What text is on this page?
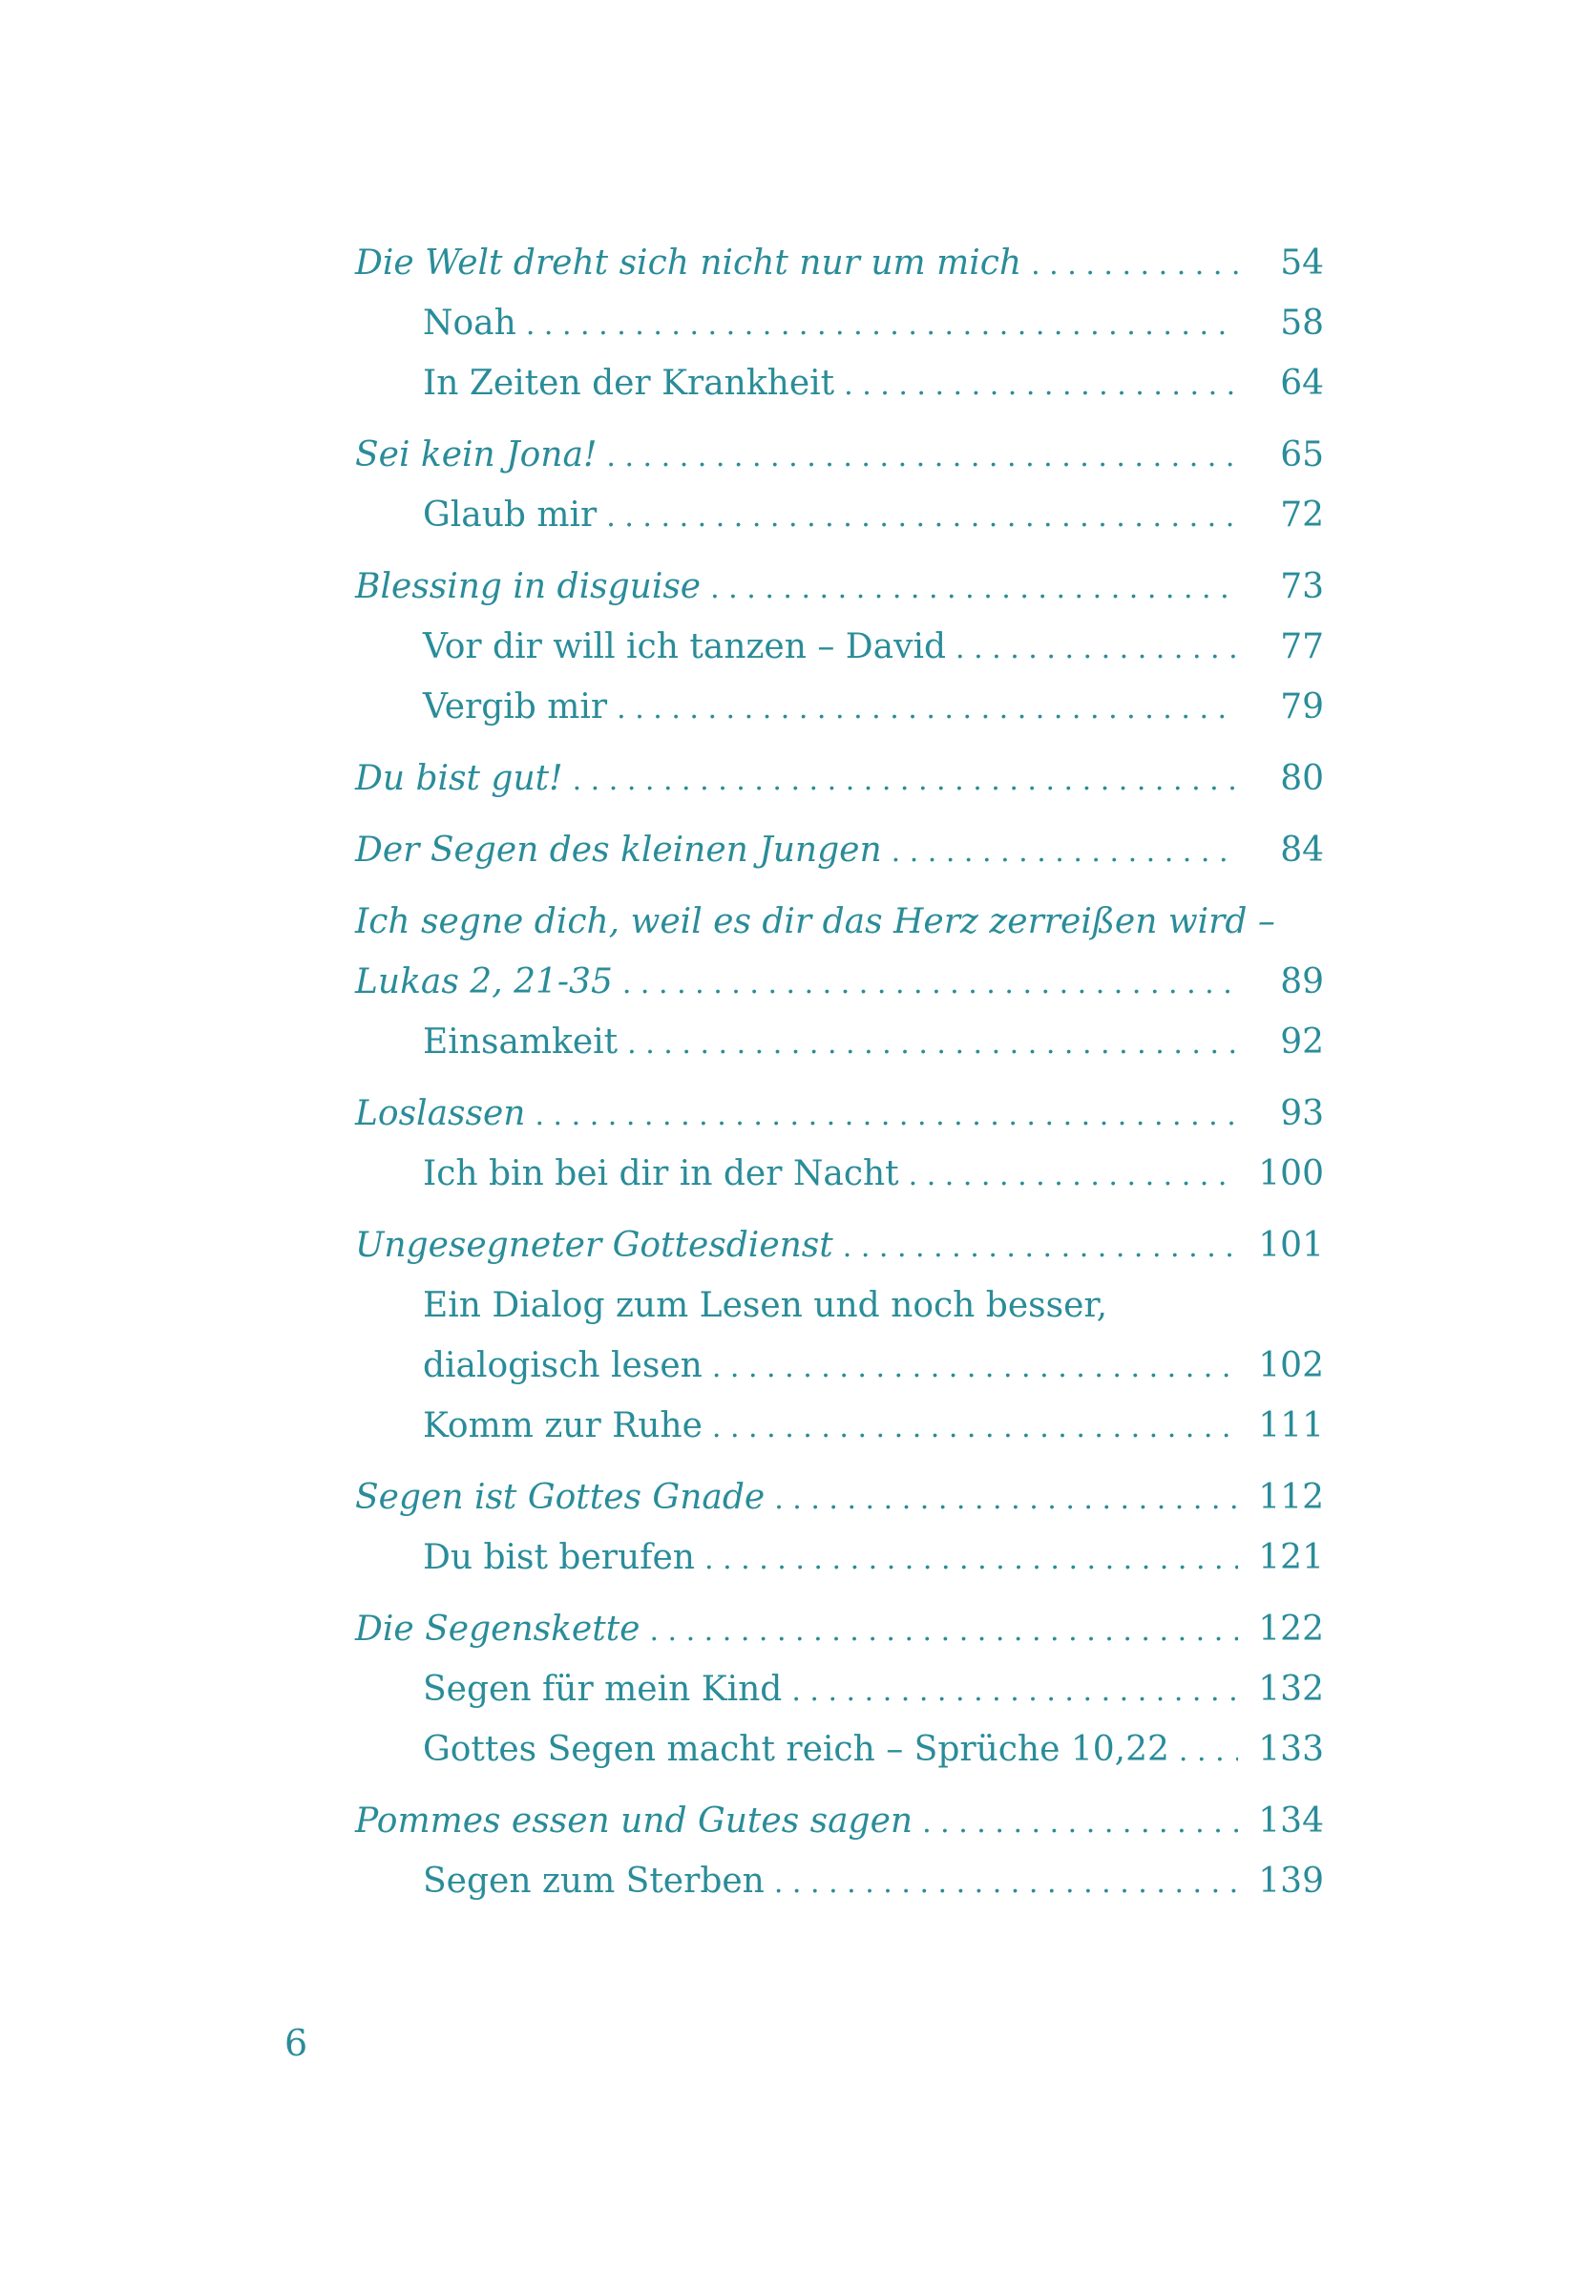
Die Welt dreht sich nicht nur um mich . . .	54
Noah . . .	58
In Zeiten der Krankheit . . .	64
Sei kein Jona! . . .	65
Glaub mir . . .	72
Blessing in disguise . . .	73
Vor dir will ich tanzen – David . . .	77
Vergib mir . . .	79
Du bist gut! . . .	80
Der Segen des kleinen Jungen . . .	84
Ich segne dich, weil es dir das Herz zerreißen wird –
Lukas 2, 21-35 . . .	89
Einsamkeit . . .	92
Loslassen . . .	93
Ich bin bei dir in der Nacht . . .	100
Ungesegneter Gottesdienst . . .	101
Ein Dialog zum Lesen und noch besser,
dialogisch lesen . . .	102
Komm zur Ruhe . . .	111
Segen ist Gottes Gnade . . .	112
Du bist berufen . . .	121
Die Segenskette . . .	122
Segen für mein Kind . . .	132
Gottes Segen macht reich – Sprüche 10,22 . . .	133
Pommes essen und Gutes sagen . . .	134
Segen zum Sterben . . .	139
6
